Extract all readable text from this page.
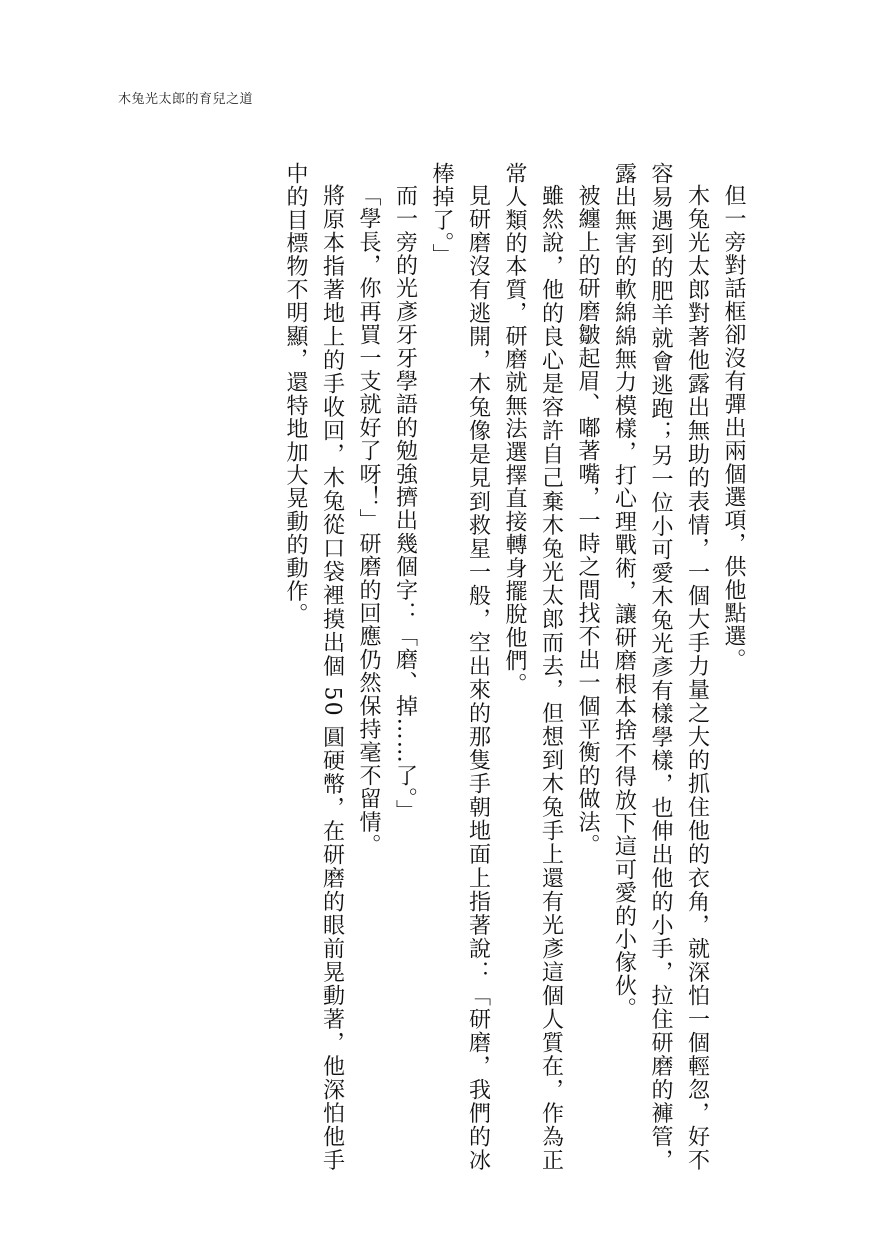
木兔光太郎的育兒之道

但一旁對話框卻沒有彈出兩個選項，供他點選。

木兔光太郎對著他露出無助的表情，一個大手力量之大的抓住他的衣角，就深怕一個輕忽，好不容易遇到的肥羊就會逃跑；另一位小可愛木兔光彥有樣學樣，也伸出他的小手，拉住研磨的褲管，露出無害的軟綿綿無力模樣，打心理戰術，讓研磨根本捨不得放下這可愛的小傢伙。

被纏上的研磨皺起眉、嘟著嘴，一時之間找不出一個平衡的做法。

雖然說，他的良心是容許自己棄木兔光太郎而去，但想到木兔手上還有光彥這個人質在，作為正常人類的本質，研磨就無法選擇直接轉身擺脫他們。

見研磨沒有逃開，木兔像是見到救星一般，空出來的那隻手朝地面上指著說：「研磨，我們的冰棒掉了。」

而一旁的光彥牙牙學語的勉強擠出幾個字：「磨、掉……了。」

「學長，你再買一支就好了呀！」研磨的回應仍然保持毫不留情。

將原本指著地上的手收回，木兔從口袋裡摸出個 50 圓硬幣，在研磨的眼前晃動著，他深怕他手中的目標物不明顯，還特地加大晃動的動作。
